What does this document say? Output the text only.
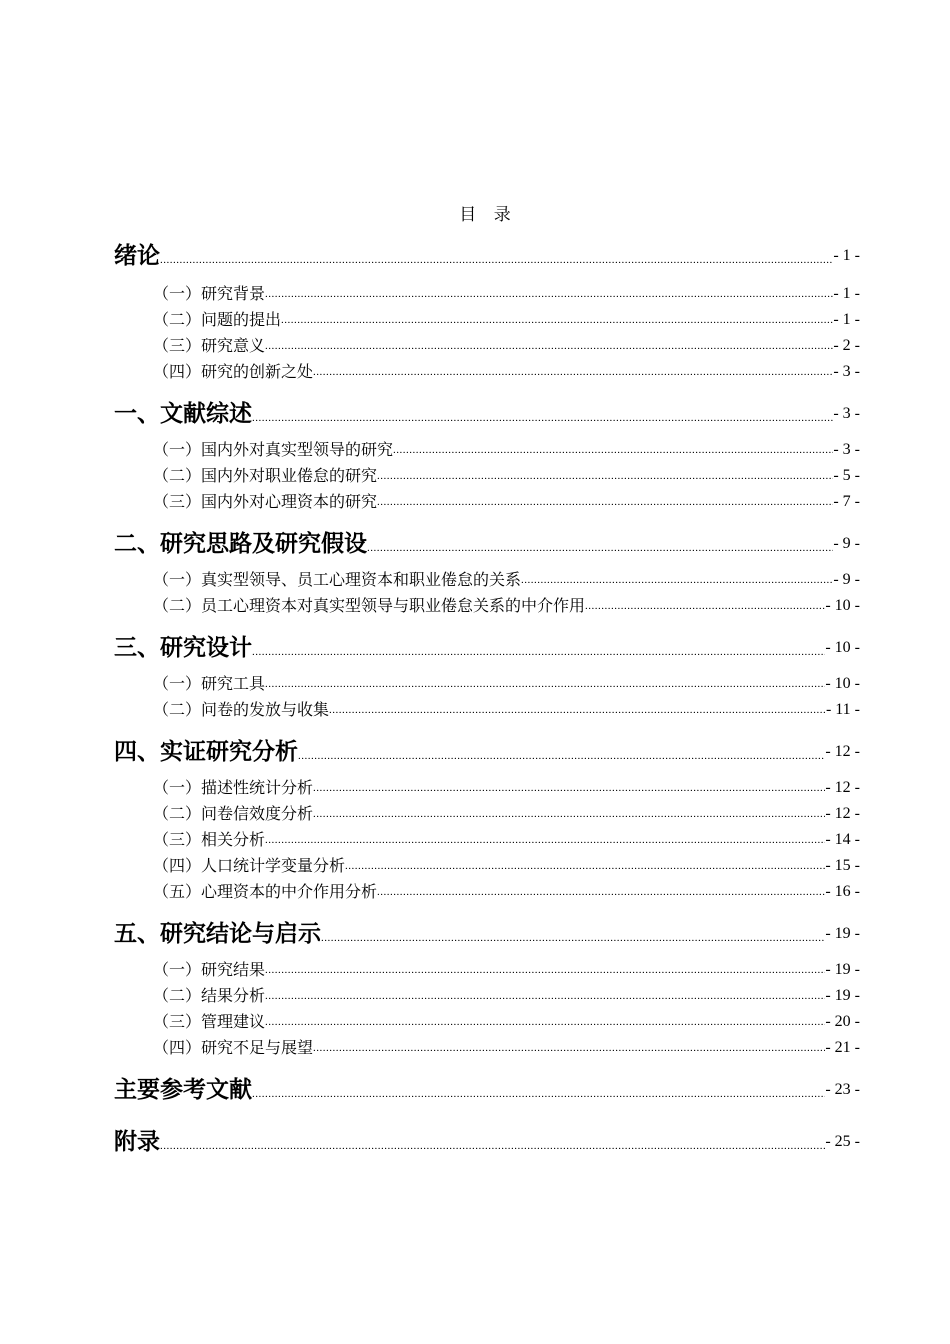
目 录
绪论 .....	- 1 -
（一）研究背景 .....	- 1 -
（二）问题的提出 .....	- 1 -
（三）研究意义 .....	- 2 -
（四）研究的创新之处 .....	- 3 -
一、文献综述 .....	- 3 -
（一）国内外对真实型领导的研究 .....	- 3 -
（二）国内外对职业倦怠的研究 .....	- 5 -
（三）国内外对心理资本的研究 .....	- 7 -
二、研究思路及研究假设 .....	- 9 -
（一）真实型领导、员工心理资本和职业倦怠的关系 .....	- 9 -
（二）员工心理资本对真实型领导与职业倦怠关系的中介作用 .....	- 10 -
三、研究设计 .....	- 10 -
（一）研究工具 .....	- 10 -
（二）问卷的发放与收集 .....	- 11 -
四、实证研究分析 .....	- 12 -
（一）描述性统计分析 .....	- 12 -
（二）问卷信效度分析 .....	- 12 -
（三）相关分析 .....	- 14 -
（四）人口统计学变量分析 .....	- 15 -
（五）心理资本的中介作用分析 .....	- 16 -
五、研究结论与启示 .....	- 19 -
（一）研究结果 .....	- 19 -
（二）结果分析 .....	- 19 -
（三）管理建议 .....	- 20 -
（四）研究不足与展望 .....	- 21 -
主要参考文献 .....	- 23 -
附录 .....	- 25 -
